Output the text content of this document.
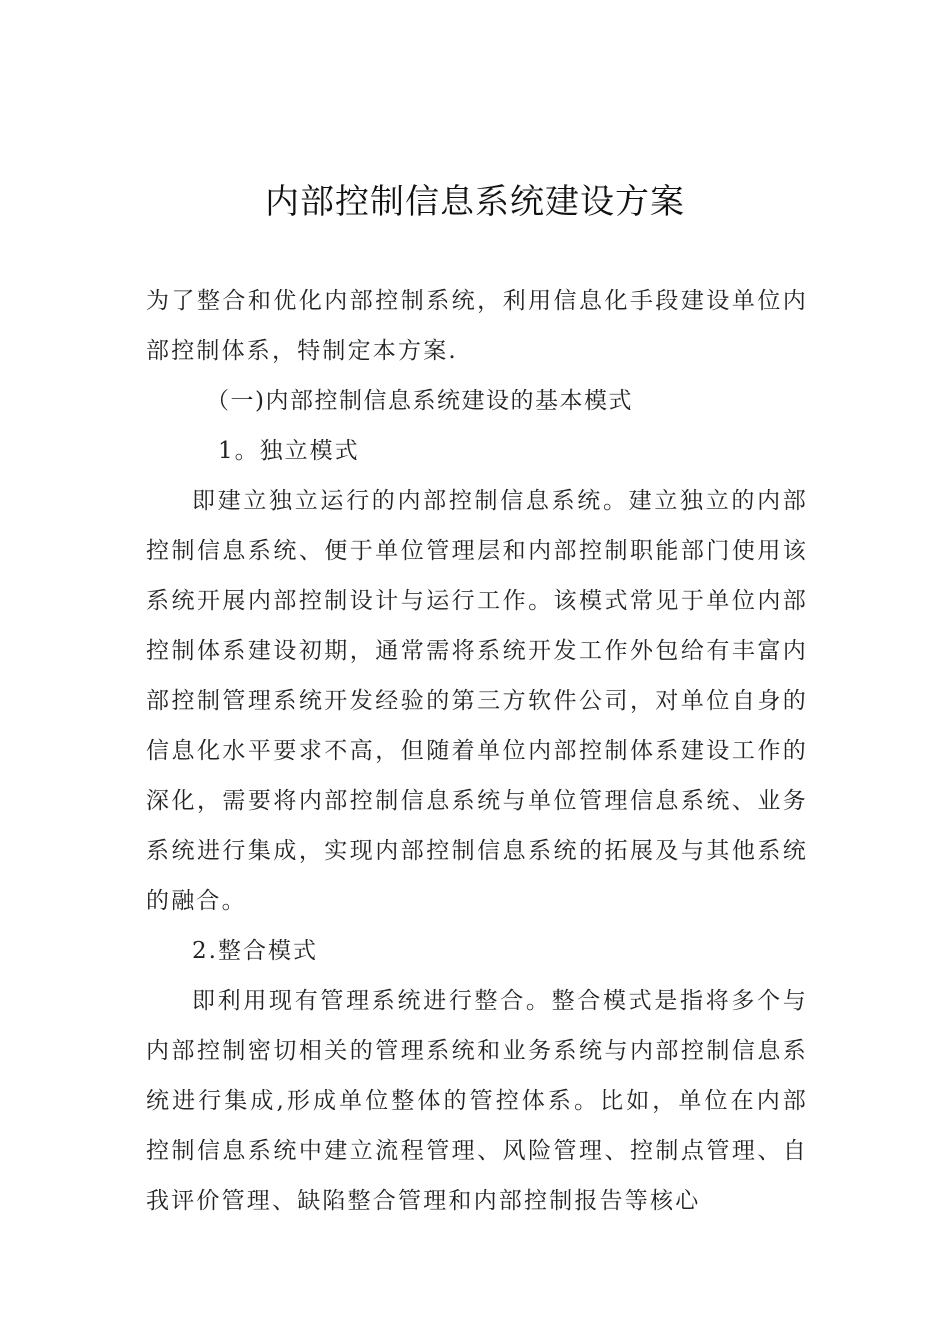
内部控制信息系统建设方案

为了整合和优化内部控制系统，利用信息化手段建设单位内部控制体系，特制定本方案.

（一)内部控制信息系统建设的基本模式

1。独立模式

即建立独立运行的内部控制信息系统。建立独立的内部控制信息系统、便于单位管理层和内部控制职能部门使用该系统开展内部控制设计与运行工作。该模式常见于单位内部控制体系建设初期，通常需将系统开发工作外包给有丰富内部控制管理系统开发经验的第三方软件公司，对单位自身的信息化水平要求不高，但随着单位内部控制体系建设工作的深化，需要将内部控制信息系统与单位管理信息系统、业务系统进行集成，实现内部控制信息系统的拓展及与其他系统的融合。

2.整合模式

即利用现有管理系统进行整合。整合模式是指将多个与内部控制密切相关的管理系统和业务系统与内部控制信息系统进行集成,形成单位整体的管控体系。比如，单位在内部控制信息系统中建立流程管理、风险管理、控制点管理、自我评价管理、缺陷整合管理和内部控制报告等核心
